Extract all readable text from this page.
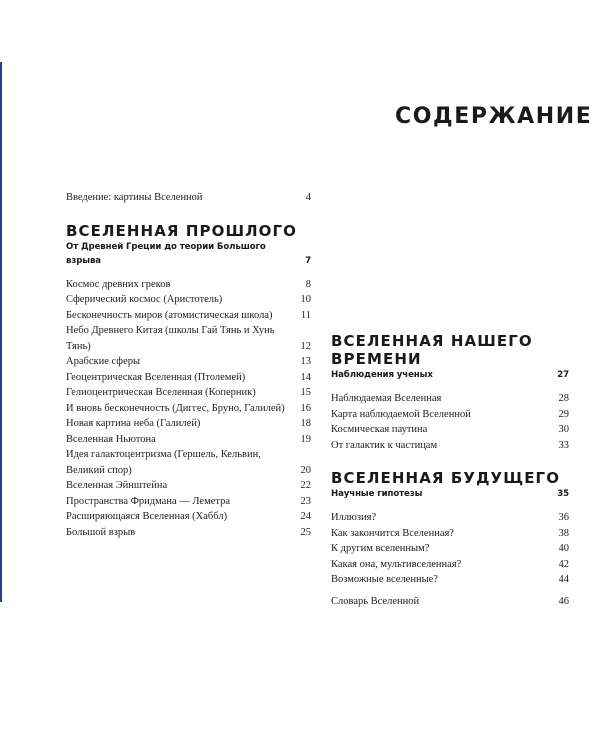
СОДЕРЖАНИЕ
Введение: картины Вселенной	4
ВСЕЛЕННАЯ ПРОШЛОГО
От Древней Греции до теории Большого взрыва	7
Космос древних греков	8
Сферический космос (Аристотель)	10
Бесконечность миров (атомистическая школа)	11
Небо Древнего Китая (школы Гай Тянь и Хунь Тянь)	12
Арабские сферы	13
Геоцентрическая Вселенная (Птолемей)	14
Гелиоцентрическая Вселенная (Коперник)	15
И вновь бесконечность (Диггес, Бруно, Галилей)	16
Новая картина неба (Галилей)	18
Вселенная Ньютона	19
Идея галактоцентризма (Гершель, Кельвин, Великий спор)	20
Вселенная Эйнштейна	22
Пространства Фридмана — Леметра	23
Расширяющаяся Вселенная (Хаббл)	24
Большой взрыв	25
ВСЕЛЕННАЯ НАШЕГО ВРЕМЕНИ
Наблюдения ученых	27
Наблюдаемая Вселенная	28
Карта наблюдаемой Вселенной	29
Космическая паутина	30
От галактик к частицам	33
ВСЕЛЕННАЯ БУДУЩЕГО
Научные гипотезы	35
Иллюзия?	36
Как закончится Вселенная?	38
К другим вселенным?	40
Какая она, мультивселенная?	42
Возможные вселенные?	44
Словарь Вселенной	46
